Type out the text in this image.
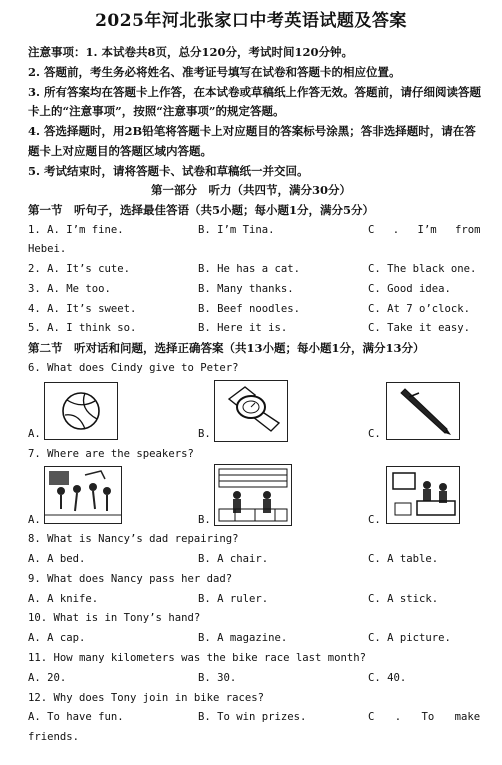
2025年河北张家口中考英语试题及答案
注意事项：1. 本试卷共8页，总分120分，考试时间120分钟。
2. 答题前，考生务必将姓名、准考证号填写在试卷和答题卡的相应位置。
3. 所有答案均在答题卡上作答，在本试卷或草稿纸上作答无效。答题前，请仔细阅读答题
卡上的“注意事项”，按照“注意事项”的规定答题。
4. 答选择题时，用2B铅笔将答题卡上对应题目的答案标号涂黑；答非选择题时，请在答
题卡上对应题目的答题区域内答题。
5. 考试结束时，请将答题卡、试卷和草稿纸一并交回。
第一部分　听力（共四节，满分30分）
第一节　听句子，选择最佳答语（共5小题；每小题1分，满分5分）
1. A. I’m fine.	B. I’m Tina.	C . I’m from
Hebei.
2. A. It’s cute.	B. He has a cat.	C. The black one.
3. A. Me too.	B. Many thanks.	C. Good idea.
4. A. It’s sweet.	B. Beef noodles.	C. At 7 o’clock.
5. A. I think so.	B. Here it is.	C. Take it easy.
第二节　听对话和问题，选择正确答案（共13小题；每小题1分，满分13分）
6. What does Cindy give to Peter?
A.	B.	C.
7. Where are the speakers?
A.	B.	C.
8. What is Nancy’s dad repairing?
A. A bed.	B. A chair.	C. A table.
9. What does Nancy pass her dad?
A. A knife.	B. A ruler.	C. A stick.
10. What is in Tony’s hand?
A. A cap.	B. A magazine.	C. A picture.
11. How many kilometers was the bike race last month?
A. 20.	B. 30.	C. 40.
12. Why does Tony join in bike races?
A. To have fun.	B. To win prizes.	C . To make
friends.
